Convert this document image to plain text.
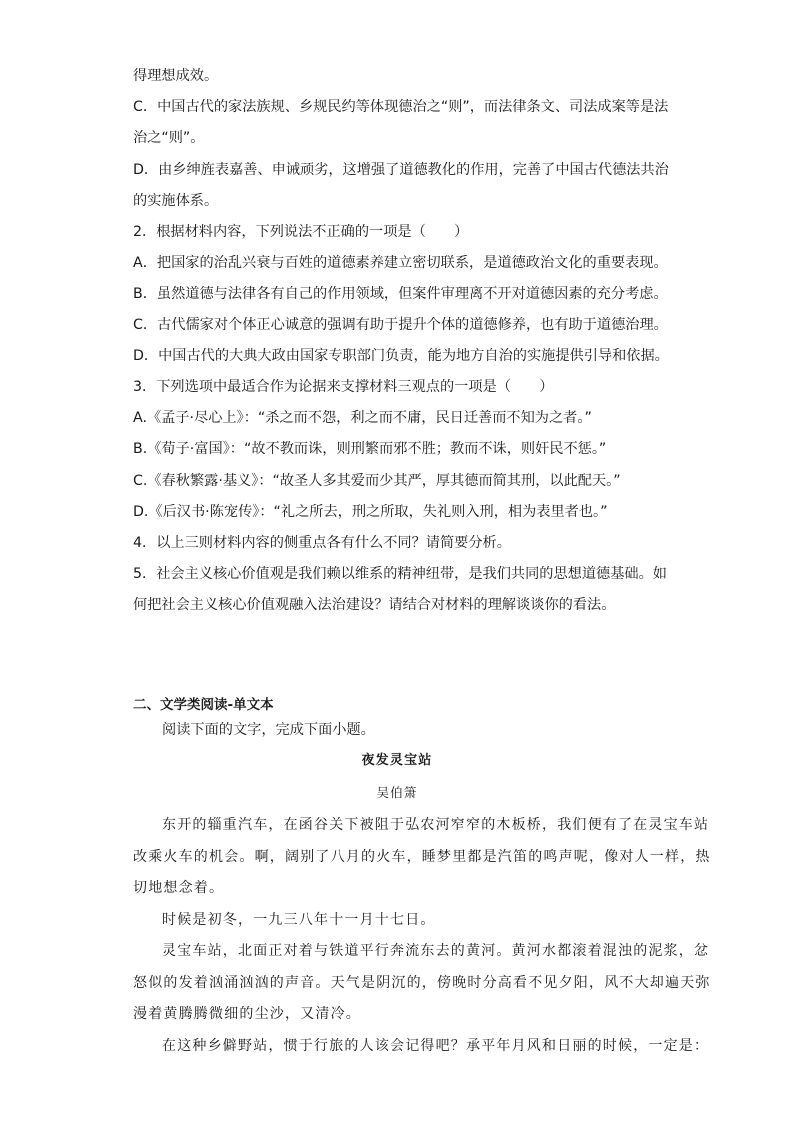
得理想成效。
C．中国古代的家法族规、乡规民约等体现德治之“则”，而法律条文、司法成案等是法
治之“则”。
D．由乡绅旌表嘉善、申诫顽劣，这增强了道德教化的作用，完善了中国古代德法共治
的实施体系。
2．根据材料内容，下列说法不正确的一项是（　　）
A．把国家的治乱兴衰与百姓的道德素养建立密切联系，是道德政治文化的重要表现。
B．虽然道德与法律各有自己的作用领域，但案件审理离不开对道德因素的充分考虑。
C．古代儒家对个体正心诚意的强调有助于提升个体的道德修养，也有助于道德治理。
D．中国古代的大典大政由国家专职部门负责，能为地方自治的实施提供引导和依据。
3．下列选项中最适合作为论据来支撑材料三观点的一项是（　　）
A.《孟子·尽心上》：“杀之而不怨，利之而不庸，民日迁善而不知为之者。”
B.《荀子·富国》：“故不教而诛，则刑繁而邪不胜；教而不诛，则奸民不惩。”
C.《春秋繁露·基义》：“故圣人多其爱而少其严，厚其德而简其刑，以此配天。”
D.《后汉书·陈宠传》：“礼之所去，刑之所取，失礼则入刑，相为表里者也。”
4．以上三则材料内容的侧重点各有什么不同？请简要分析。
5．社会主义核心价值观是我们赖以维系的精神纽带，是我们共同的思想道德基础。如
何把社会主义核心价值观融入法治建设？请结合对材料的理解谈谈你的看法。
二、文学类阅读-单文本
阅读下面的文字，完成下面小题。
夜发灵宝站
吴伯箫
东开的辎重汽车，在函谷关下被阻于弘农河窄窄的木板桥，我们便有了在灵宝车站
改乘火车的机会。啊，阔别了八月的火车，睡梦里都是汽笛的鸣声呢，像对人一样，热
切地想念着。
时候是初冬，一九三八年十一月十七日。
灵宝车站，北面正对着与铁道平行奔流东去的黄河。黄河水都滚着混浊的泥浆，忿
怒似的发着汹涌汹汹的声音。天气是阴沉的，傍晚时分高看不见夕阳，风不大却遍天弥
漫着黄腾腾微细的尘沙，又清冷。
在这种乡僻野站，惯于行旅的人该会记得吧？承平年月风和日丽的时候，一定是：
